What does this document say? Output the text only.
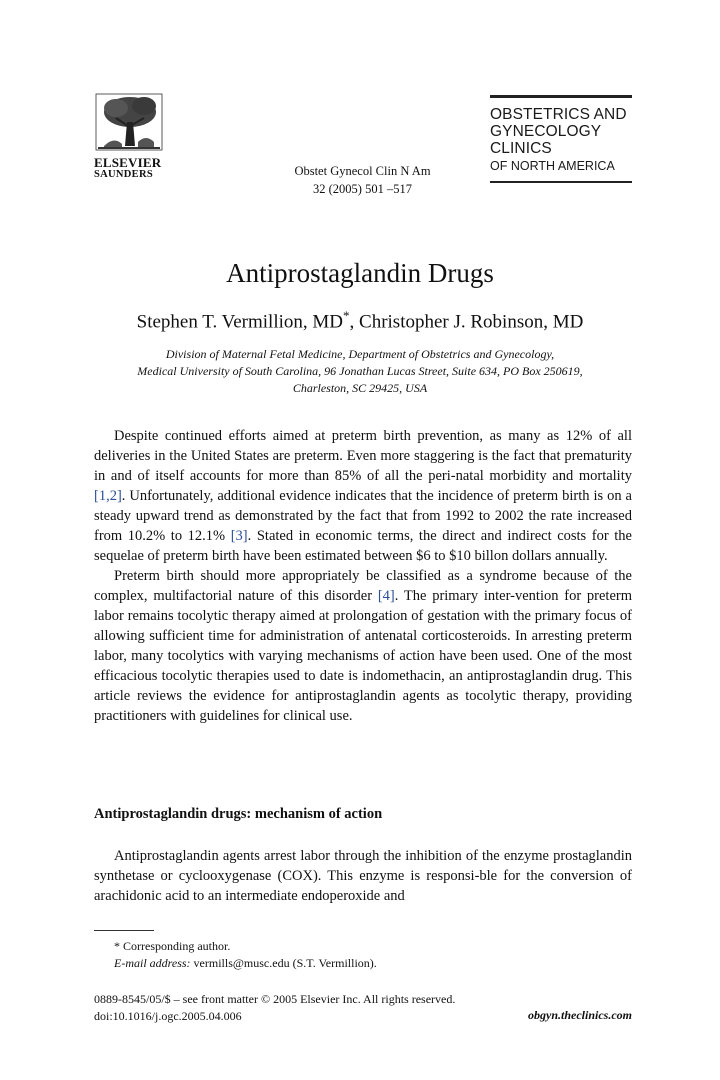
ELSEVIER
SAUNDERS	Obstet Gynecol Clin N Am
32 (2005) 501 –517
OBSTETRICS AND
GYNECOLOGY
CLINICS
OF NORTH AMERICA
Antiprostaglandin Drugs
Stephen T. Vermillion, MD*, Christopher J. Robinson, MD
Division of Maternal Fetal Medicine, Department of Obstetrics and Gynecology,
Medical University of South Carolina, 96 Jonathan Lucas Street, Suite 634, PO Box 250619,
Charleston, SC 29425, USA

Despite continued efforts aimed at preterm birth prevention, as many as 12% of all deliveries in the United States are preterm. Even more staggering is the fact that prematurity in and of itself accounts for more than 85% of all the peri-natal morbidity and mortality [1,2]. Unfortunately, additional evidence indicates that the incidence of preterm birth is on a steady upward trend as demonstrated by the fact that from 1992 to 2002 the rate increased from 10.2% to 12.1% [3]. Stated in economic terms, the direct and indirect costs for the sequelae of preterm birth have been estimated between $6 to $10 billon dollars annually.

Preterm birth should more appropriately be classified as a syndrome because of the complex, multifactorial nature of this disorder [4]. The primary inter-vention for preterm labor remains tocolytic therapy aimed at prolongation of gestation with the primary focus of allowing sufficient time for administration of antenatal corticosteroids. In arresting preterm labor, many tocolytics with varying mechanisms of action have been used. One of the most efficacious tocolytic therapies used to date is indomethacin, an antiprostaglandin drug. This article reviews the evidence for antiprostaglandin agents as tocolytic therapy, providing practitioners with guidelines for clinical use.

Antiprostaglandin drugs: mechanism of action

Antiprostaglandin agents arrest labor through the inhibition of the enzyme prostaglandin synthetase or cyclooxygenase (COX). This enzyme is responsi-ble for the conversion of arachidonic acid to an intermediate endoperoxide and

* Corresponding author.
E-mail address: vermills@musc.edu (S.T. Vermillion).
0889-8545/05/$ – see front matter © 2005 Elsevier Inc. All rights reserved.
doi:10.1016/j.ogc.2005.04.006	obgyn.theclinics.com
